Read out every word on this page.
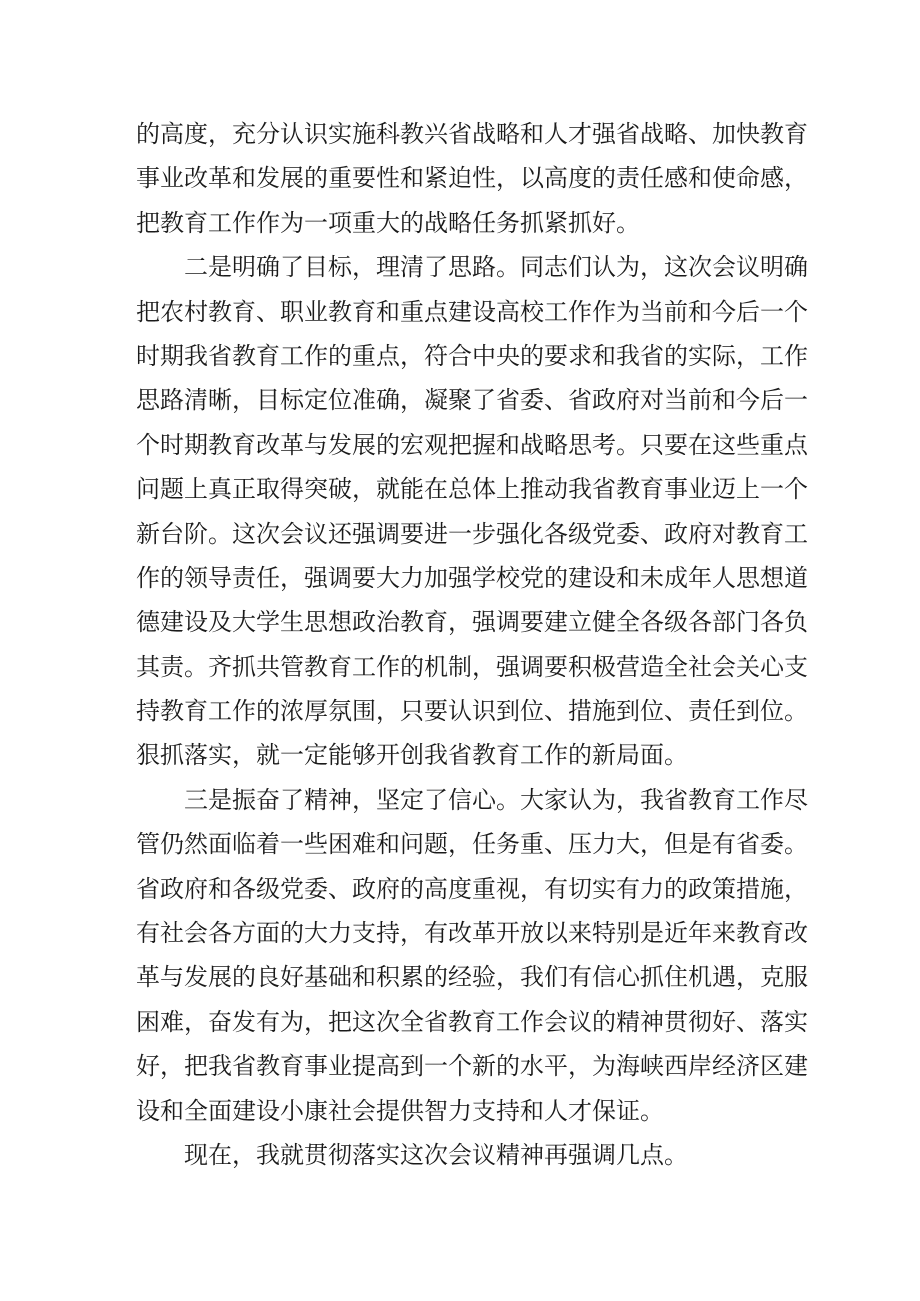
的高度，充分认识实施科教兴省战略和人才强省战略、加快教育
事业改革和发展的重要性和紧迫性，以高度的责任感和使命感，
把教育工作作为一项重大的战略任务抓紧抓好。
二是明确了目标，理清了思路。同志们认为，这次会议明确
把农村教育、职业教育和重点建设高校工作作为当前和今后一个
时期我省教育工作的重点，符合中央的要求和我省的实际，工作
思路清晰，目标定位准确，凝聚了省委、省政府对当前和今后一
个时期教育改革与发展的宏观把握和战略思考。只要在这些重点
问题上真正取得突破，就能在总体上推动我省教育事业迈上一个
新台阶。这次会议还强调要进一步强化各级党委、政府对教育工
作的领导责任，强调要大力加强学校党的建设和未成年人思想道
德建设及大学生思想政治教育，强调要建立健全各级各部门各负
其责。齐抓共管教育工作的机制，强调要积极营造全社会关心支
持教育工作的浓厚氛围，只要认识到位、措施到位、责任到位。
狠抓落实，就一定能够开创我省教育工作的新局面。
三是振奋了精神，坚定了信心。大家认为，我省教育工作尽
管仍然面临着一些困难和问题，任务重、压力大，但是有省委。
省政府和各级党委、政府的高度重视，有切实有力的政策措施，
有社会各方面的大力支持，有改革开放以来特别是近年来教育改
革与发展的良好基础和积累的经验，我们有信心抓住机遇，克服
困难，奋发有为，把这次全省教育工作会议的精神贯彻好、落实
好，把我省教育事业提高到一个新的水平，为海峡西岸经济区建
设和全面建设小康社会提供智力支持和人才保证。
现在，我就贯彻落实这次会议精神再强调几点。
